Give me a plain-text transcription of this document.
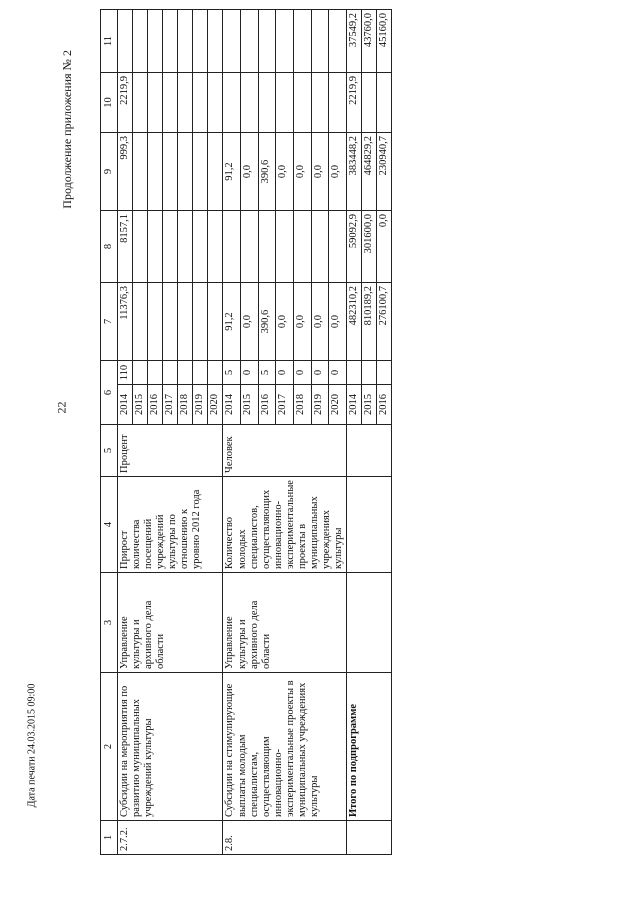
22
Дата печати 24.03.2015 09:00
Продолжение приложения № 2
1	2	3	4	5	6		7	8	9	10	11
2.7.2.	Субсидии на мероприятия по развитию муниципальных учреждений культуры	Управление культуры и архивного дела области	Прирост количества посещений учреждений культуры по отношению к уровню 2012 года	Процент	2014	110	11376,3	8157,1	999,3	2219,9	
					2015						
					2016						
					2017						
					2018						
					2019						
					2020						
2.8.	Субсидии на стимулирующие выплаты молодым специалистам, осуществляющим инновационно-экспериментальные проекты в муниципальных учреждениях культуры	Управление культуры и архивного дела области	Количество молодых специалистов, осуществляющих инновационно-экспериментальные проекты в муниципальных учреждениях культуры	Человек	2014	5	91,2		91,2		
					2015	0	0,0		0,0		
					2016	5	390,6		390,6		
					2017	0	0,0		0,0		
					2018	0	0,0		0,0		
					2019	0	0,0		0,0		
					2020	0	0,0		0,0		
	Итого по подпрограмме				2014		482310,2	59092,9	383448,2	2219,9	37549,2
					2015		810189,2	301600,0	464829,2		43760,0
					2016		276100,7	0,0	230940,7		45160,0
